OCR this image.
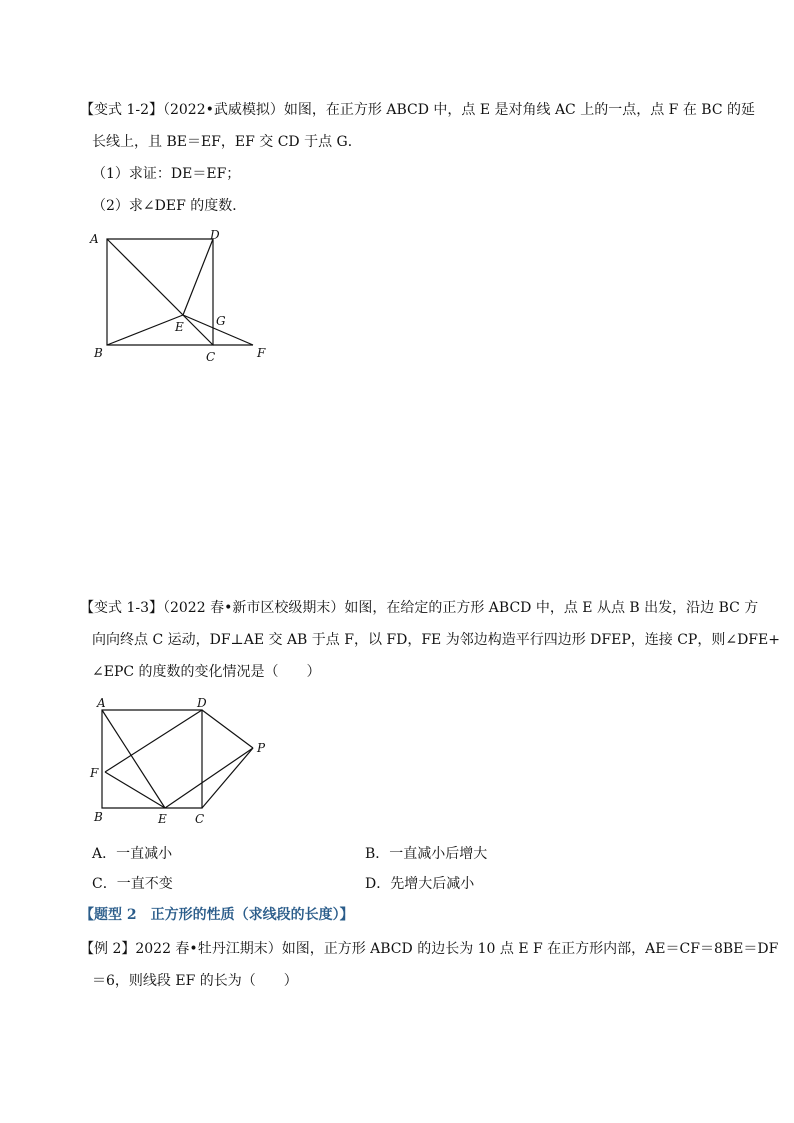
【变式 1-2】（2022•武威模拟）如图，在正方形 ABCD 中，点 E 是对角线 AC 上的一点，点 F 在 BC 的延
长线上，且 BE＝EF，EF 交 CD 于点 G．
（1）求证：DE＝EF；
（2）求∠DEF 的度数．
A	D
B	C
E	G
F
【变式 1-3】（2022 春•新市区校级期末）如图，在给定的正方形 ABCD 中，点 E 从点 B 出发，沿边 BC 方
向向终点 C 运动，DF⊥AE 交 AB 于点 F，以 FD，FE 为邻边构造平行四边形 DFEP，连接 CP，则∠DFE+
∠EPC 的度数的变化情况是（　　）
A	D
F
P
B	E C
A．一直减小	B．一直减小后增大
C．一直不变	D．先增大后减小
【题型 2　正方形的性质（求线段的长度）】
【例 2】2022 春•牡丹江期末）如图，正方形 ABCD 的边长为 10 点 E F 在正方形内部，AE＝CF＝8BE＝DF
＝6，则线段 EF 的长为（　　）
